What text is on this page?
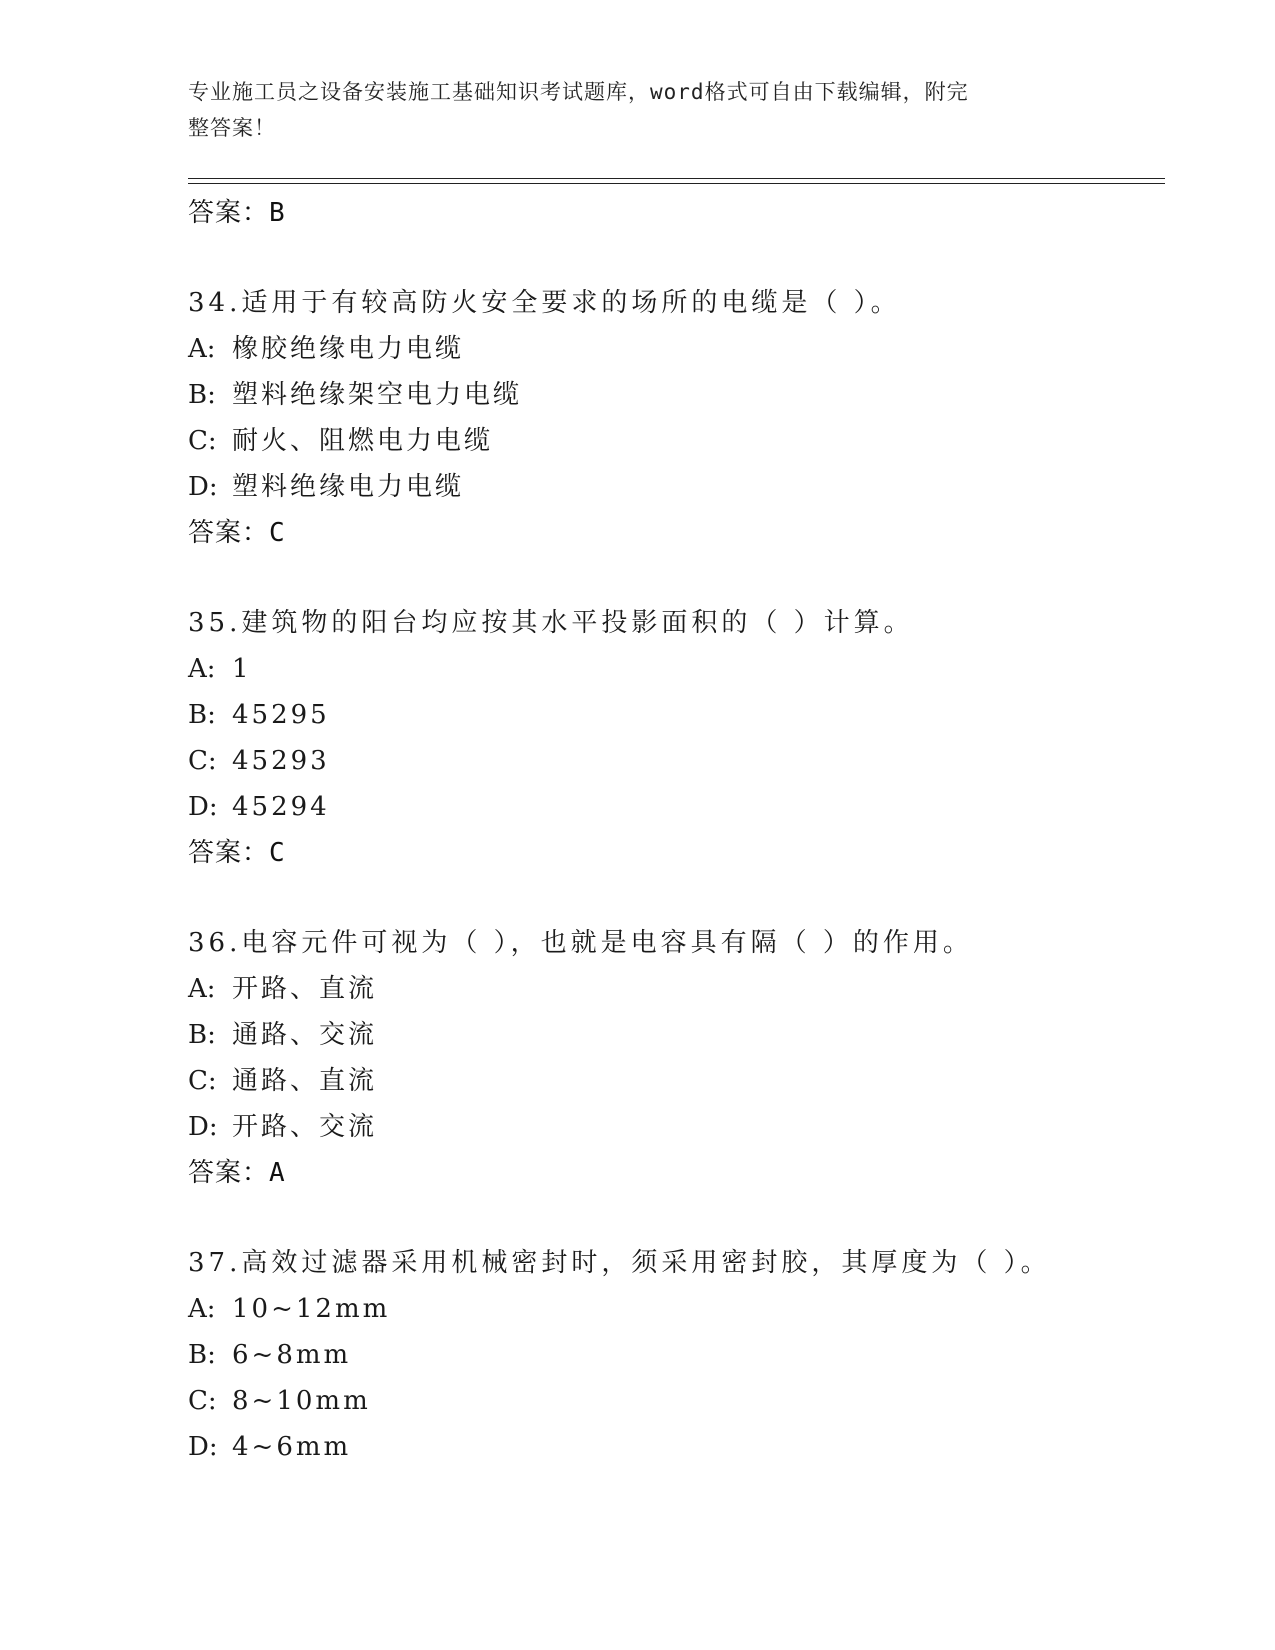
专业施工员之设备安装施工基础知识考试题库，word格式可自由下载编辑，附完
整答案！
答案：B
34.适用于有较高防火安全要求的场所的电缆是（ ）。
A: 橡胶绝缘电力电缆
B: 塑料绝缘架空电力电缆
C: 耐火、阻燃电力电缆
D: 塑料绝缘电力电缆
答案：C
35.建筑物的阳台均应按其水平投影面积的（ ）计算。
A: 1
B: 45295
C: 45293
D: 45294
答案：C
36.电容元件可视为（ ），也就是电容具有隔（ ）的作用。
A: 开路、直流
B: 通路、交流
C: 通路、直流
D: 开路、交流
答案：A
37.高效过滤器采用机械密封时，须采用密封胶，其厚度为（ ）。
A: 10~12mm
B: 6~8mm
C: 8~10mm
D: 4~6mm
